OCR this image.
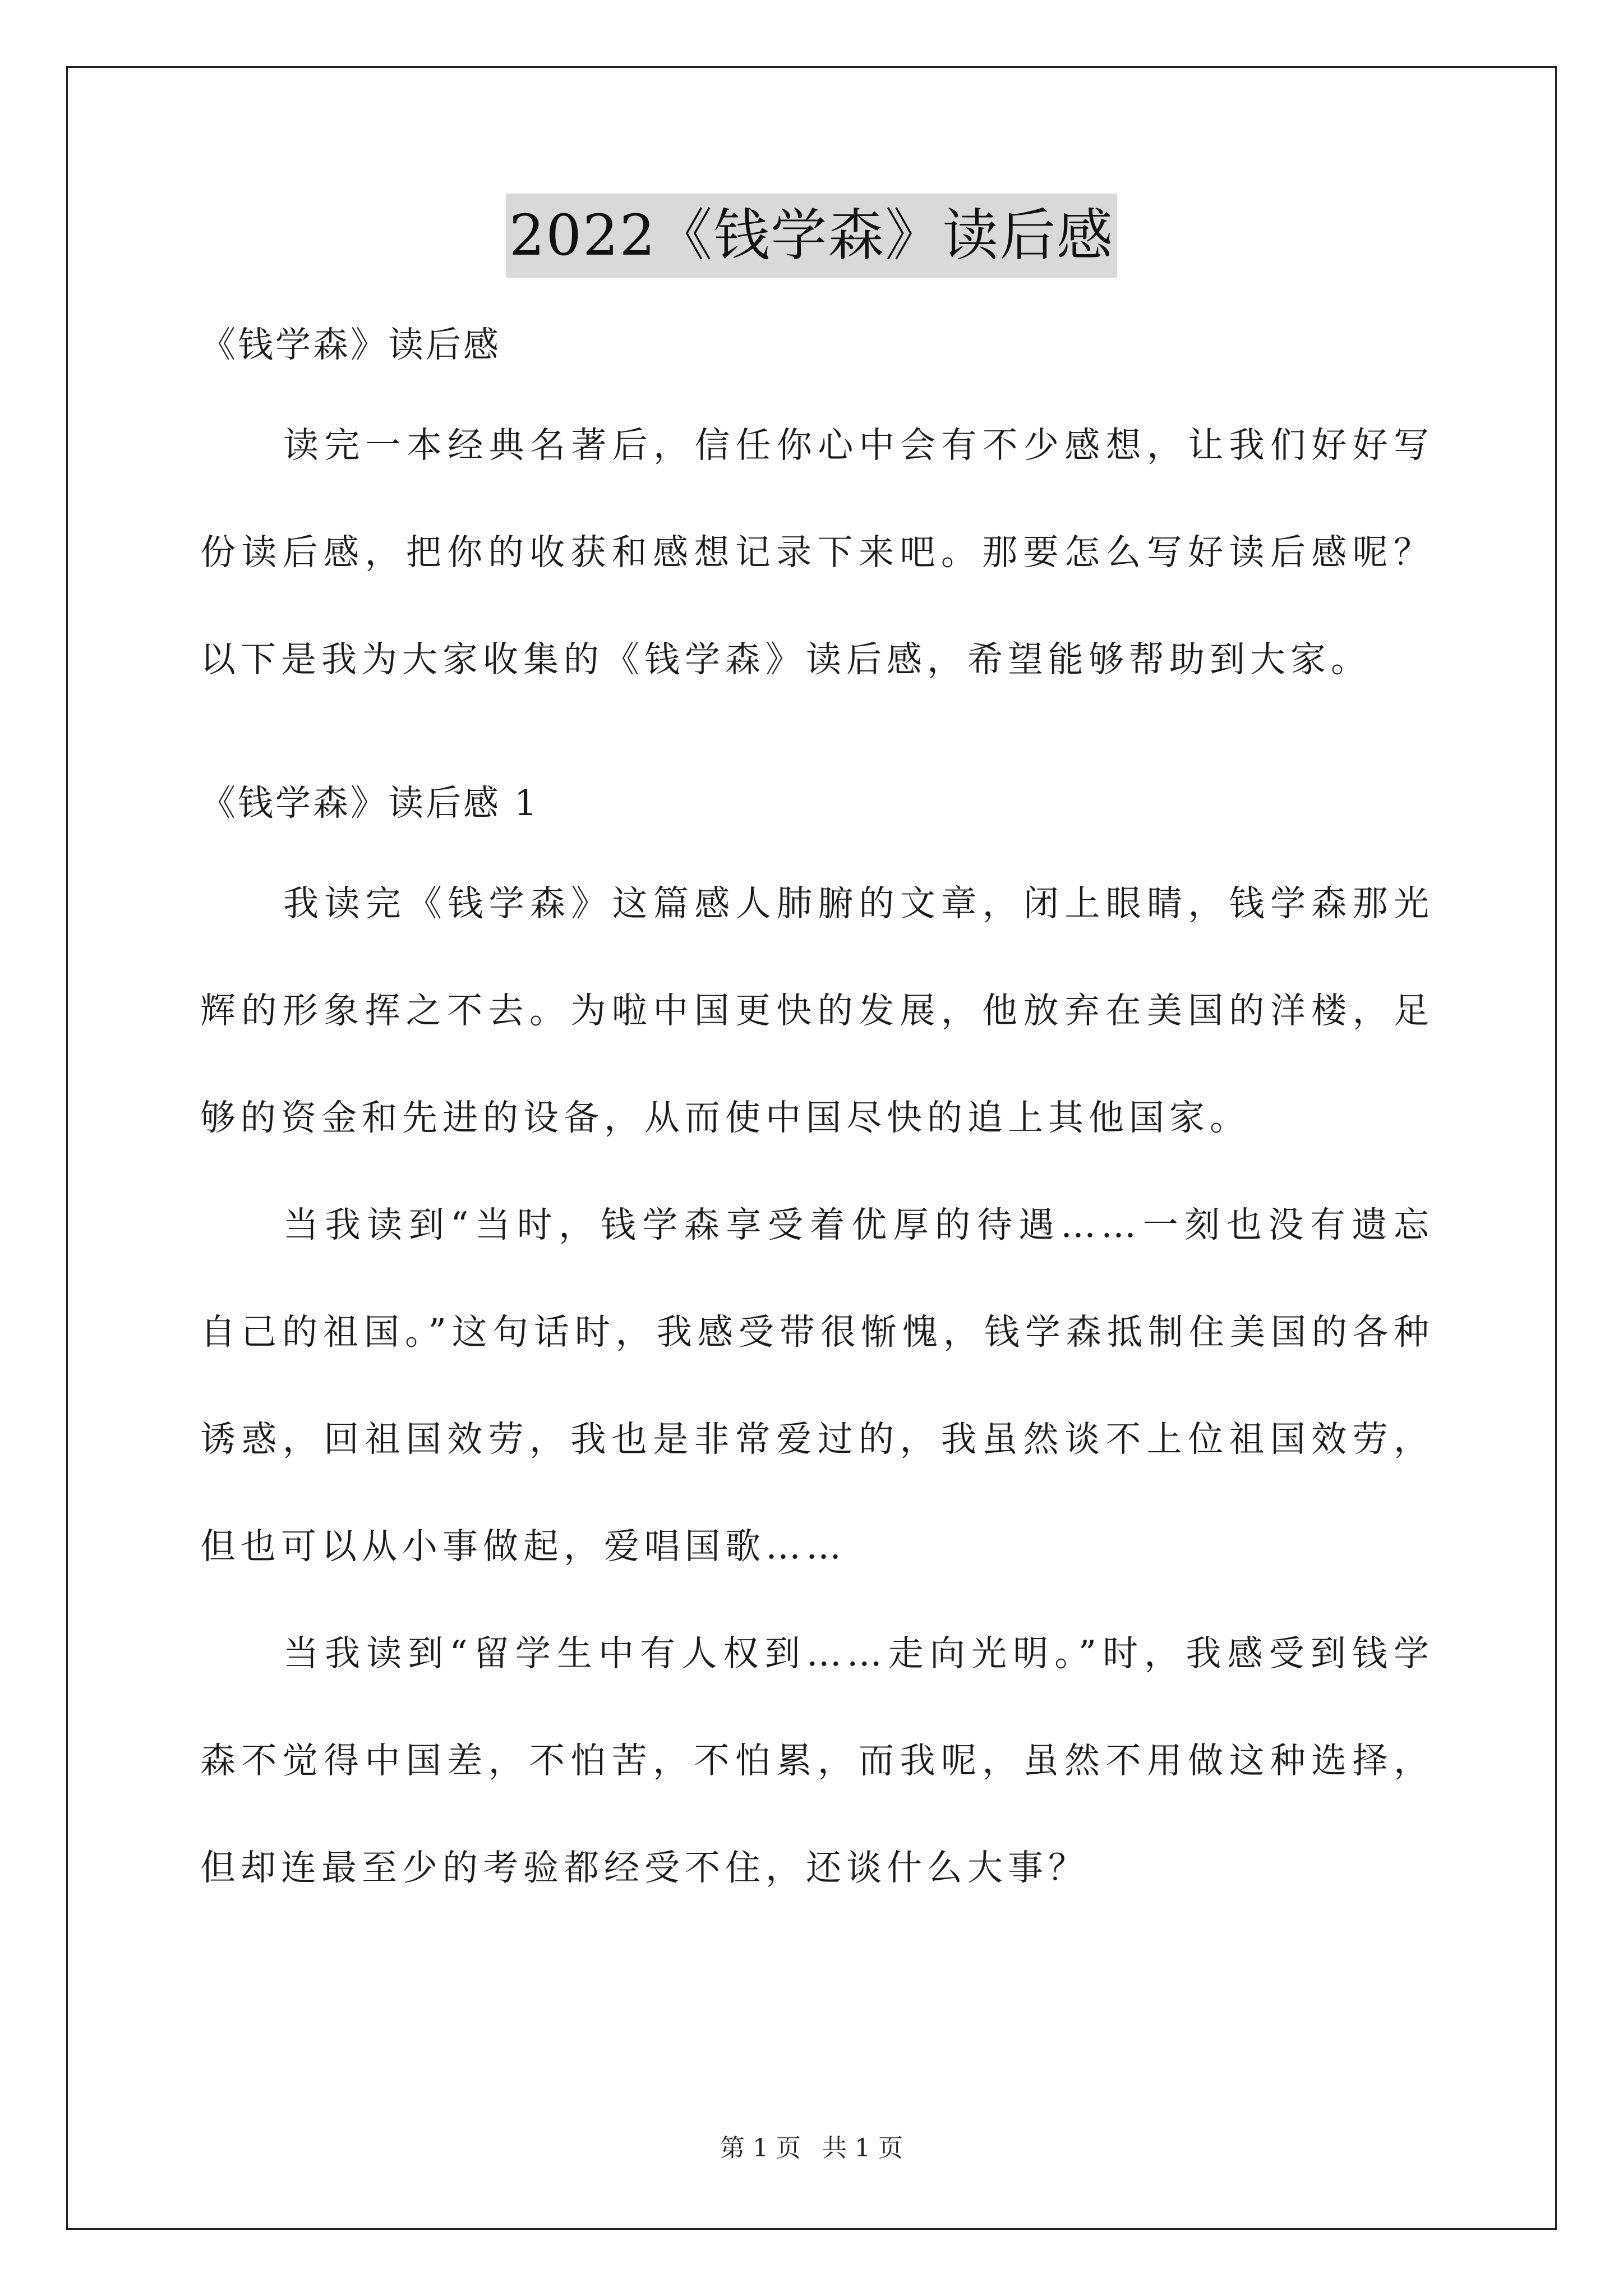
2022《钱学森》读后感

《钱学森》读后感

读完一本经典名著后，信任你心中会有不少感想，让我们好好写份读后感，把你的收获和感想记录下来吧。那要怎么写好读后感呢？以下是我为大家收集的《钱学森》读后感，希望能够帮助到大家。

《钱学森》读后感 1

我读完《钱学森》这篇感人肺腑的文章，闭上眼睛，钱学森那光辉的形象挥之不去。为啦中国更快的发展，他放弃在美国的洋楼，足够的资金和先进的设备，从而使中国尽快的追上其他国家。

当我读到“当时，钱学森享受着优厚的待遇……一刻也没有遗忘自己的祖国。”这句话时，我感受带很惭愧，钱学森抵制住美国的各种诱惑，回祖国效劳，我也是非常爱过的，我虽然谈不上位祖国效劳，但也可以从小事做起，爱唱国歌……

当我读到“留学生中有人权到……走向光明。”时，我感受到钱学森不觉得中国差，不怕苦，不怕累，而我呢，虽然不用做这种选择，但却连最至少的考验都经受不住，还谈什么大事？

第 1 页 共 1 页
